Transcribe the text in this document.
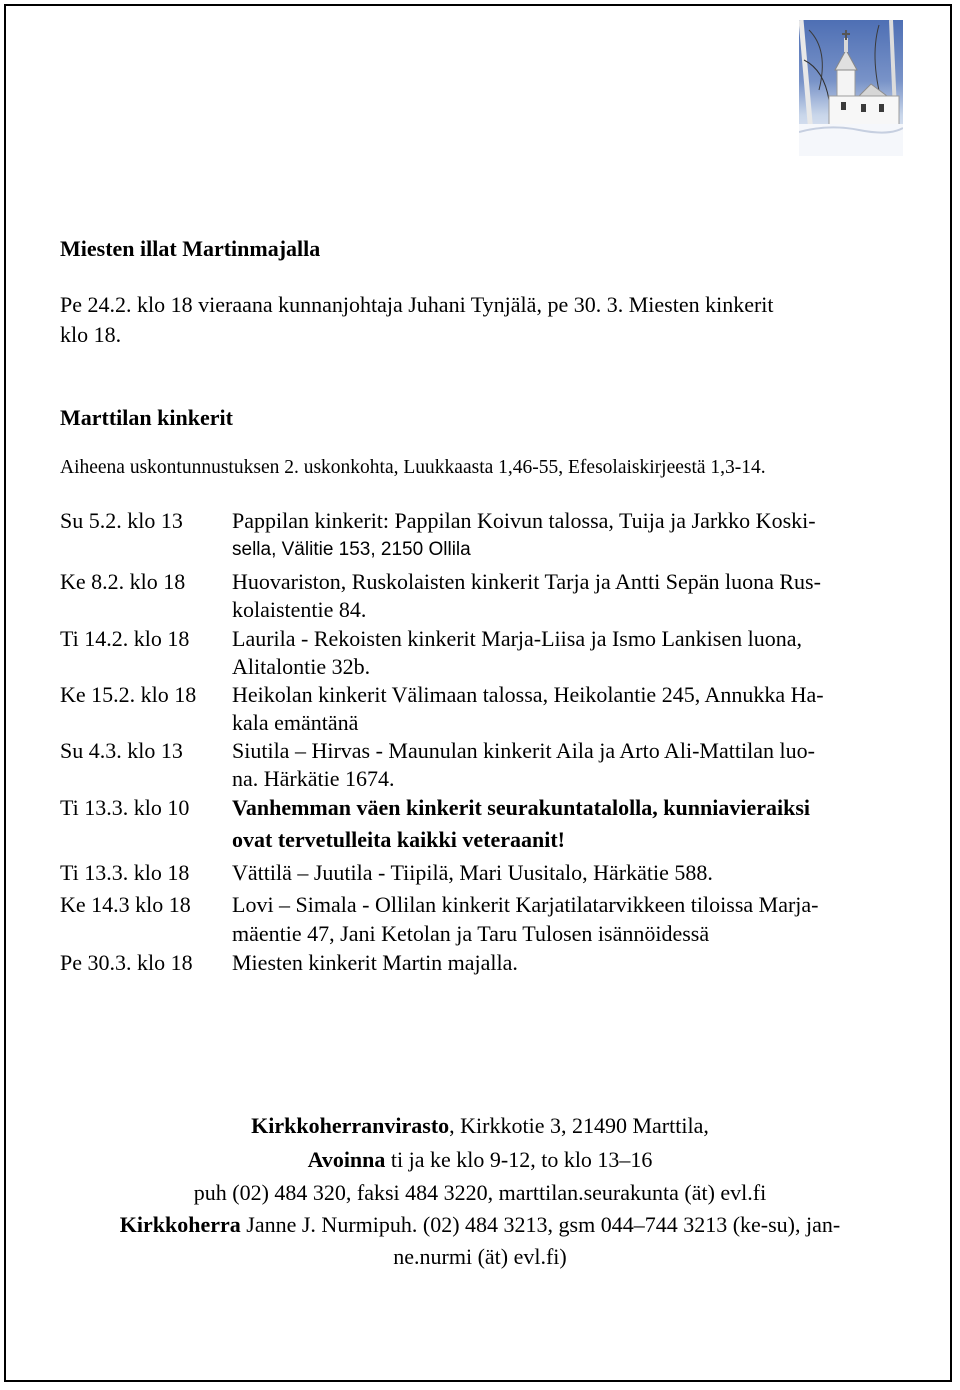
Miesten illat Martinmajalla
Pe 24.2. klo 18 vieraana kunnanjohtaja Juhani Tynjälä, pe 30. 3. Miesten kinkerit
klo 18.
Marttilan kinkerit
Aiheena uskontunnustuksen 2. uskonkohta, Luukkaasta 1,46-55, Efesolaiskirjeestä 1,3-14.
Su 5.2. klo 13 Pappilan kinkerit: Pappilan Koivun talossa, Tuija ja Jarkko Koski-
sella, Välitie 153, 2150 Ollila
Ke 8.2. klo 18 Huovariston, Ruskolaisten kinkerit Tarja ja Antti Sepän luona Rus-
kolaistentie 84.
Ti 14.2. klo 18 Laurila - Rekoisten kinkerit Marja-Liisa ja Ismo Lankisen luona,
Alitalontie 32b.
Ke 15.2. klo 18 Heikolan kinkerit Välimaan talossa, Heikolantie 245, Annukka Ha-
kala emäntänä
Su 4.3. klo 13 Siutila – Hirvas - Maunulan kinkerit Aila ja Arto Ali-Mattilan luo-
na. Härkätie 1674.
Ti 13.3. klo 10 Vanhemman väen kinkerit seurakuntatalolla, kunniavieraiksi
ovat tervetulleita kaikki veteraanit!
Ti 13.3. klo 18 Vättilä – Juutila - Tiipilä, Mari Uusitalo, Härkätie 588.
Ke 14.3 klo 18 Lovi – Simala - Ollilan kinkerit Karjatilatarvikkeen tiloissa Marja-
mäentie 47, Jani Ketolan ja Taru Tulosen isännöidessä
Pe 30.3. klo 18 Miesten kinkerit Martin majalla.
Kirkkoherranvirasto, Kirkkotie 3, 21490 Marttila,
Avoinna ti ja ke klo 9-12, to klo 13–16
puh (02) 484 320, faksi 484 3220, marttilan.seurakunta (ät) evl.fi
Kirkkoherra Janne J. Nurmipuh. (02) 484 3213, gsm 044–744 3213 (ke-su), jan-
ne.nurmi (ät) evl.fi)
